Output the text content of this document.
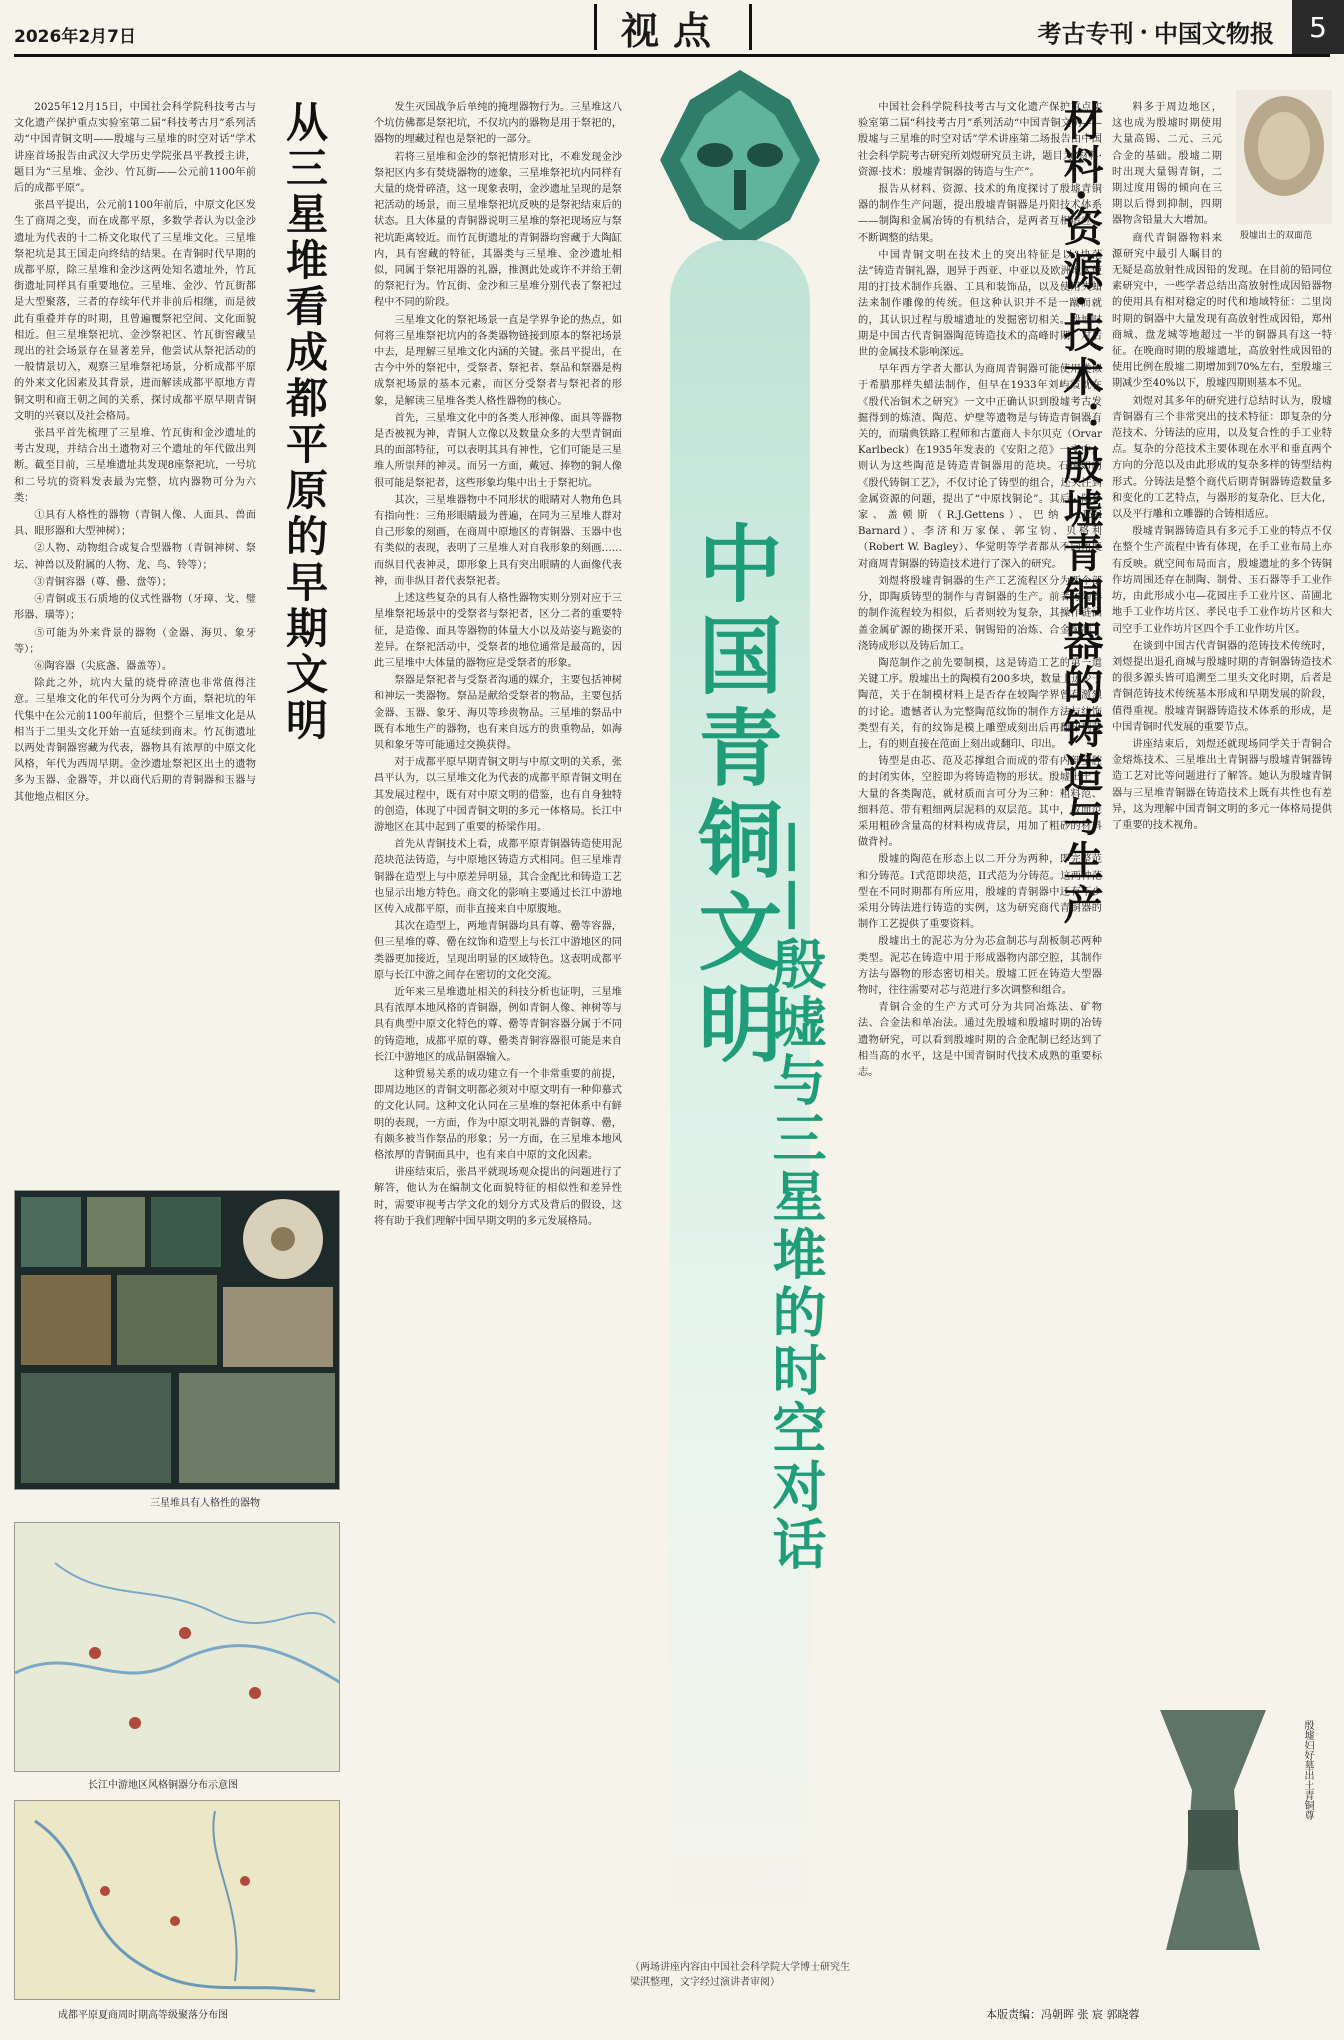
2026年2月7日	视点	考古专刊 · 中国文物报	5

2025年12月15日，中国社会科学院科技考古与文化遗产保护重点实验室第二届“科技考古月”系列活动“中国青铜文明——殷墟与三星堆的时空对话”学术讲座首场报告由武汉大学历史学院张昌平教授主讲，题目为“三星堆、金沙、竹瓦街——公元前1100年前后的成都平原”。

张昌平提出，公元前1100年前后，中原文化区发生了商周之变，而在成都平原，多数学者认为以金沙遗址为代表的十二桥文化取代了三星堆文化。三星堆祭祀坑是其王国走向终结的结果。在青铜时代早期的成都平原，除三星堆和金沙这两处知名遗址外，竹瓦街遗址同样具有重要地位。三星堆、金沙、竹瓦街都是大型聚落，三者的存续年代并非前后相继，而是彼此有重叠并存的时期，且曾遍覆祭祀空间、文化面貌相近。但三星堆祭祀坑、金沙祭祀区、竹瓦街窖藏呈现出的社会场景存在显著差异，他尝试从祭祀活动的一般情景切入，观察三星堆祭祀场景，分析成都平原的外来文化因素及其背景，进而解读成都平原地方青铜文明和商王朝之间的关系，探讨成都平原早期青铜文明的兴衰以及社会格局。

张昌平首先梳理了三星堆、竹瓦街和金沙遗址的考古发现，并结合出土遗物对三个遗址的年代做出判断。截至目前，三星堆遗址共发现8座祭祀坑，一号坑和二号坑的资料发表最为完整，坑内器物可分为六类：

①具有人格性的器物（青铜人像、人面具、兽面具、眼形器和大型神树）；

②人物、动物组合或复合型器物（青铜神树、祭坛、神兽以及附属的人物、龙、鸟、铃等）；

③青铜容器（尊、罍、盘等）；

④青铜或玉石质地的仪式性器物（牙璋、戈、璧形器、璜等）；

⑤可能为外来背景的器物（金器、海贝、象牙等）；

⑥陶容器（尖底盏、器盖等）。

除此之外，坑内大量的烧骨碎渣也非常值得注意。三星堆文化的年代可分为两个方面，祭祀坑的年代集中在公元前1100年前后，但整个三星堆文化是从相当于二里头文化开始一直延续到商末。竹瓦街遗址以两处青铜器窖藏为代表，器物具有浓厚的中原文化风格，年代为西周早期。金沙遗址祭祀区出土的遗物多为玉器、金器等，并以商代后期的青铜器和玉器与其他地点相区分。

从三星堆看成都平原的早期文明	发生灭国战争后单纯的掩埋器物行为。三星堆这八个坑仿佛都是祭祀坑，不仅坑内的器物是用于祭祀的，器物的埋藏过程也是祭祀的一部分。

若将三星堆和金沙的祭祀情形对比，不难发现金沙祭祀区内多有焚烧器物的迹象，三星堆祭祀坑内同样有大量的烧骨碎渣，这一现象表明，金沙遗址呈现的是祭祀活动的场景，而三星堆祭祀坑反映的是祭祀结束后的状态。且大体量的青铜器说明三星堆的祭祀现场应与祭祀坑距离较近。而竹瓦街遗址的青铜器均窖藏于大陶缸内，具有窖藏的特征，其器类与三星堆、金沙遗址相似，同属于祭祀用器的礼器，推测此处或许不并给王朝的祭祀行为。竹瓦街、金沙和三星堆分别代表了祭祀过程中不同的阶段。

三星堆文化的祭祀场景一直是学界争论的热点，如何将三星堆祭祀坑内的各类器物链接到原本的祭祀场景中去，是理解三星堆文化内涵的关键。张昌平提出，在古今中外的祭祀中，受祭者、祭祀者、祭品和祭器是构成祭祀场景的基本元素，而区分受祭者与祭祀者的形象，是解读三星堆各类人格性器物的核心。

首先，三星堆文化中的各类人形神像、面具等器物是否被视为神，青铜人立像以及数量众多的大型青铜面具的面部特征，可以表明其具有神性，它们可能是三星堆人所崇拜的神灵。而另一方面，戴冠、捧物的铜人像很可能是祭祀者，这些形象均集中出土于祭祀坑。

其次，三星堆器物中不同形状的眼睛对人物角色具有指向性：三角形眼睛最为普遍，在同为三星堆人群对自己形象的刻画，在商周中原地区的青铜器、玉器中也有类似的表现，表明了三星堆人对自我形象的刻画……而纵目代表神灵，即形象上具有突出眼睛的人面像代表神，而非纵目者代表祭祀者。

上述这些复杂的具有人格性器物实则分别对应于三星堆祭祀场景中的受祭者与祭祀者，区分二者的重要特征，是造像、面具等器物的体量大小以及站姿与跪姿的差异。在祭祀活动中，受祭者的地位通常是最高的，因此三星堆中大体量的器物应是受祭者的形象。

祭器是祭祀者与受祭者沟通的媒介，主要包括神树和神坛一类器物。祭品是献给受祭者的物品，主要包括金器、玉器、象牙、海贝等珍贵物品。三星堆的祭品中既有本地生产的器物，也有来自远方的贵重物品，如海贝和象牙等可能通过交换获得。

对于成都平原早期青铜文明与中原文明的关系，张昌平认为，以三星堆文化为代表的成都平原青铜文明在其发展过程中，既有对中原文明的借鉴，也有自身独特的创造，体现了中国青铜文明的多元一体格局。长江中游地区在其中起到了重要的桥梁作用。

首先从青铜技术上看，成都平原青铜器铸造使用泥范块范法铸造，与中原地区铸造方式相同。但三星堆青铜器在造型上与中原差异明显，其合金配比和铸造工艺也显示出地方特色。商文化的影响主要通过长江中游地区传入成都平原，而非直接来自中原腹地。

其次在造型上，两地青铜器均具有尊、罍等容器，但三星堆的尊、罍在纹饰和造型上与长江中游地区的同类器更加接近，呈现出明显的区域特色。这表明成都平原与长江中游之间存在密切的文化交流。

近年来三星堆遗址相关的科技分析也证明，三星堆具有浓厚本地风格的青铜器，例如青铜人像、神树等与具有典型中原文化特色的尊、罍等青铜容器分属于不同的铸造地，成都平原的尊、罍类青铜容器很可能是来自长江中游地区的成品铜器输入。

这种贸易关系的成功建立有一个非常重要的前提，即周边地区的青铜文明都必须对中原文明有一种仰慕式的文化认同。这种文化认同在三星堆的祭祀体系中有鲜明的表现，一方面，作为中原文明礼器的青铜尊、罍，有颇多被当作祭品的形象；另一方面，在三星堆本地风格浓厚的青铜面具中，也有来自中原的文化因素。

讲座结束后，张昌平就现场观众提出的问题进行了解答，他认为在编制文化面貌特征的相似性和差异性时，需要审视考古学文化的划分方式及背后的假设，这将有助于我们理解中国早期文明的多元发展格局。

三星堆具有人格性的器物
长江中游地区风格铜器分布示意图
成都平原夏商周时期高等级聚落分布图
中国青铜文明
——殷墟与三星堆的时空对话
（两场讲座内容由中国社会科学院大学博士研究生梁淇整理，文字经过演讲者审阅）

中国社会科学院科技考古与文化遗产保护重点实验室第二届“科技考古月”系列活动“中国青铜文明——殷墟与三星堆的时空对话”学术讲座第二场报告由中国社会科学院考古研究所刘煜研究员主讲，题目为“材料·资源·技术：殷墟青铜器的铸造与生产”。

报告从材料、资源、技术的角度探讨了殷墟青铜器的制作生产问题，提出殷墟青铜器是丹阳技术体系——制陶和金属冶铸的有机结合，是两者互相适应、不断调整的结果。

中国青铜文明在技术上的突出特征是以“块范法”铸造青铜礼器，迥异于西亚、中亚以及欧洲地区使用的打技术制作兵器、工具和装饰品，以及使用失蜡法来制作雕像的传统。但这种认识并不是一蹴而就的，其认识过程与殷墟遗址的发掘密切相关。殷墟时期是中国古代青铜器陶范铸造技术的高峰时期，对后世的金属技术影响深远。

早年西方学者大都认为商周青铜器可能使用类似于希腊那样失蜡法制作，但早在1933年刘屿霞就在《殷代冶铜术之研究》一文中正确认识到殷墟考古发掘得到的炼渣、陶范、炉壁等遗物是与铸造青铜器有关的，而瑞典铁路工程师和古董商人卡尔贝克（Orvar Karlbeck）在1935年发表的《安阳之范》一文中，则认为这些陶范是铸造青铜器用的范块。石璋如的《殷代铸铜工艺》，不仅讨论了铸型的组合，还关注到金属资源的问题，提出了“中原找铜论”。其后，陈梦家、盖顿斯（R.J.Gettens）、巴纳（Noel Barnard）、李济和万家保、郭宝钧、贝格利（Robert W. Bagley）、华觉明等学者都从不同角度对商周青铜器的铸造技术进行了深入的研究。

刘煜将殷墟青铜器的生产工艺流程区分为两个部分，即陶质铸型的制作与青铜器的生产。前者与陶器的制作流程较为相似，后者则较为复杂，其操作链涵盖金属矿源的勘探开采、铜锡铅的冶炼、合金配制、浇铸成形以及铸后加工。

陶范制作之前先要制模，这是铸造工艺的第一道关键工序。殷墟出土的陶模有200多块，数量上远少于陶范，关于在制模材料上是否存在较陶学界曾有激烈的讨论。遗憾者认为完整陶范纹饰的制作方法与纹饰类型有关，有的纹饰是模上雕塑成刻出后再翻印到范上，有的则直接在范面上刻出或翻印、印出。

铸型是由芯、范及芯撑组合而成的带有内部空腔的封闭实体，空腔即为将铸造物的形状。殷墟出土了大量的各类陶范，就材质而言可分为三种：粗料范、细料范、带有粗细两层泥料的双层范。其中，双面范采用粗砂含量高的材料构成背层，用加了粗砂的材料做背衬。

殷墟的陶范在形态上以二开分为两种，即完整范和分铸范。I式范即块范，II式范为分铸范。这两种范型在不同时期都有所应用，殷墟的青铜器中还有不少采用分铸法进行铸造的实例，这为研究商代青铜器的制作工艺提供了重要资料。

殷墟出土的泥芯为分为芯盒制芯与刮板制芯两种类型。泥芯在铸造中用于形成器物内部空腔，其制作方法与器物的形态密切相关。殷墟工匠在铸造大型器物时，往往需要对芯与范进行多次调整和组合。

青铜合金的生产方式可分为共同冶炼法、矿物法、合金法和单冶法。通过先殷墟和殷墟时期的冶铸遗物研究，可以看到殷墟时期的合金配制已经达到了相当高的水平，这是中国青铜时代技术成熟的重要标志。

材料·资源·技术：殷墟青铜器的铸造与生产	料多于周边地区，这也成为殷墟时期使用大量高锡、二元、三元合金的基础。殷墟二期时出现大量锡青铜，二期过度用锡的倾向在三期以后得到抑制，四期器物含铅量大大增加。

商代青铜器物料来源研究中最引人瞩目的无疑是高放射性成因铅的发现。在目前的铅同位素研究中，一些学者总结出高放射性成因铅器物的使用具有相对稳定的时代和地域特征：二里岗时期的铜器中大量发现有高放射性成因铅，郑州商城、盘龙城等地超过一半的铜器具有这一特征。在晚商时期的殷墟遗址，高放射性成因铅的使用比例在殷墟二期增加到70%左右，至殷墟三期减少至40%以下，殷墟四期则基本不见。

刘煜对其多年的研究进行总结时认为，殷墟青铜器有三个非常突出的技术特征：即复杂的分范技术、分铸法的应用，以及复合性的手工业特点。复杂的分范技术主要体现在水平和垂直两个方向的分范以及由此形成的复杂多样的铸型结构形式。分铸法是整个商代后期青铜器铸造数量多和变化的工艺特点，与器形的复杂化、巨大化，以及平行雕和立雕器的合铸相适应。

殷墟青铜器铸造具有多元手工业的特点不仅在整个生产流程中皆有体现，在手工业布局上亦有反映。就空间布局而言，殷墟遗址的多个铸铜作坊周围还存在制陶、制骨、玉石器等手工业作坊，由此形成小屯—花园庄手工业片区、苗圃北地手工业作坊片区、孝民屯手工业作坊片区和大司空手工业作坊片区四个手工业作坊片区。

在谈到中国古代青铜器的范铸技术传统时，刘煜提出退孔商城与殷墟时期的青铜器铸造技术的很多源头皆可追溯至二里头文化时期，后者是青铜范铸技术传统基本形成和早期发展的阶段，值得重视。殷墟青铜器铸造技术体系的形成，是中国青铜时代发展的重要节点。

讲座结束后，刘煜还就现场同学关于青铜合金熔炼技术、三星堆出土青铜器与殷墟青铜器铸造工艺对比等问题进行了解答。她认为殷墟青铜器与三星堆青铜器在铸造技术上既有共性也有差异，这为理解中国青铜文明的多元一体格局提供了重要的技术视角。

殷墟出土的双面范
殷墟妇好墓出土青铜尊
本版责编：冯朝晖 张 宸 郭晓蓉
